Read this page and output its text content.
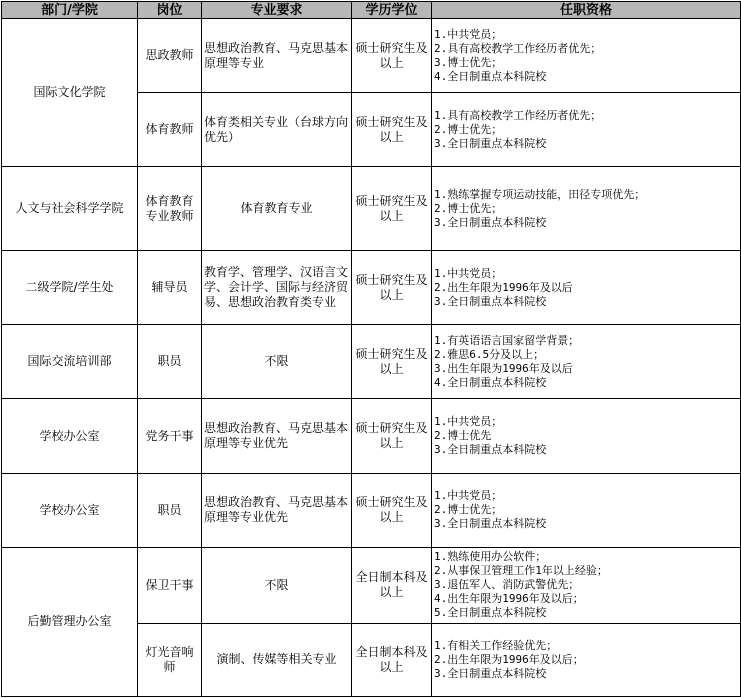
部门/学院	岗位	专业要求	学历学位	任职资格
国际文化学院	思政教师	思想政治教育、马克思基本原理等专业	硕士研究生及以上	1.中共党员；
2.具有高校教学工作经历者优先；
3.博士优先；
4.全日制重点本科院校

	体育教师	体育类相关专业（台球方向优先）	硕士研究生及以上	1.具有高校教学工作经历者优先；
2.博士优先；
3.全日制重点本科院校

人文与社会科学学院	体育教育专业教师	体育教育专业	硕士研究生及以上	1.熟练掌握专项运动技能，田径专项优先；
2.博士优先；
3.全日制重点本科院校

二级学院/学生处	辅导员	教育学、管理学、汉语言文学、会计学、国际与经济贸易、思想政治教育类专业	硕士研究生及以上	1.中共党员；
2.出生年限为1996年及以后
3.全日制重点本科院校

国际交流培训部	职员	不限	硕士研究生及以上	1.有英语语言国家留学背景；
2.雅思6.5分及以上；
3.出生年限为1996年及以后
4.全日制重点本科院校

学校办公室	党务干事	思想政治教育、马克思基本原理等专业优先	硕士研究生及以上	1.中共党员；
2.博士优先
3.全日制重点本科院校

学校办公室	职员	思想政治教育、马克思基本原理等专业优先	硕士研究生及以上	1.中共党员；
2.博士优先；
3.全日制重点本科院校

后勤管理办公室	保卫干事	不限	全日制本科及以上	1.熟练使用办公软件；
2.从事保卫管理工作1年以上经验；
3.退伍军人、消防武警优先；
4.出生年限为1996年及以后；
5.全日制重点本科院校

	灯光音响师	演制、传媒等相关专业	全日制本科及以上	1.有相关工作经验优先；
2.出生年限为1996年及以后；
3.全日制重点本科院校
